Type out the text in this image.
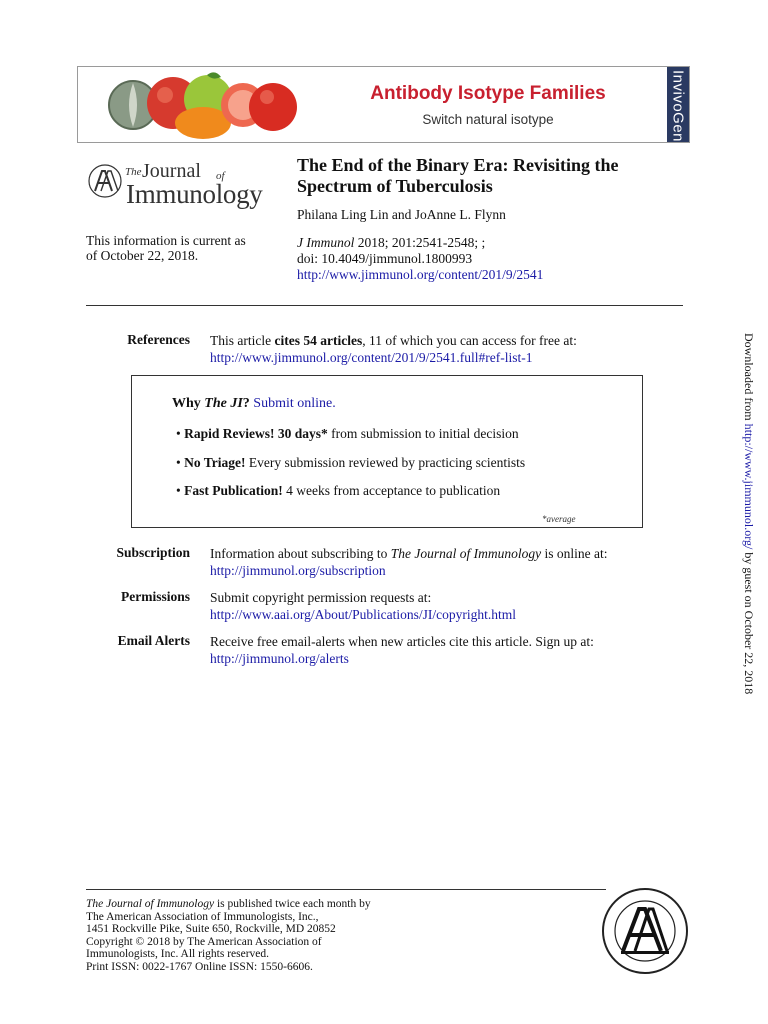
Antibody Isotype Families
Switch natural isotype	InvivoGen
The Journal of
Immunology
The End of the Binary Era: Revisiting the Spectrum of Tuberculosis
Philana Ling Lin and JoAnne L. Flynn
This information is current as
of October 22, 2018.
J Immunol 2018; 201:2541-2548; ;
doi: 10.4049/jimmunol.1800993
http://www.jimmunol.org/content/201/9/2541
References This article cites 54 articles, 11 of which you can access for free at:
http://www.jimmunol.org/content/201/9/2541.full#ref-list-1
Why The JI? Submit online.
• Rapid Reviews! 30 days* from submission to initial decision
• No Triage! Every submission reviewed by practicing scientists
• Fast Publication! 4 weeks from acceptance to publication
*average
Subscription Information about subscribing to The Journal of Immunology is online at:
http://jimmunol.org/subscription
Permissions Submit copyright permission requests at:
http://www.aai.org/About/Publications/JI/copyright.html
Email Alerts Receive free email-alerts when new articles cite this article. Sign up at:
http://jimmunol.org/alerts
Downloaded from http://www.jimmunol.org/ by guest on October 22, 2018
The Journal of Immunology is published twice each month by
The American Association of Immunologists, Inc.,
1451 Rockville Pike, Suite 650, Rockville, MD 20852
Copyright © 2018 by The American Association of
Immunologists, Inc. All rights reserved.
Print ISSN: 0022-1767 Online ISSN: 1550-6606.
